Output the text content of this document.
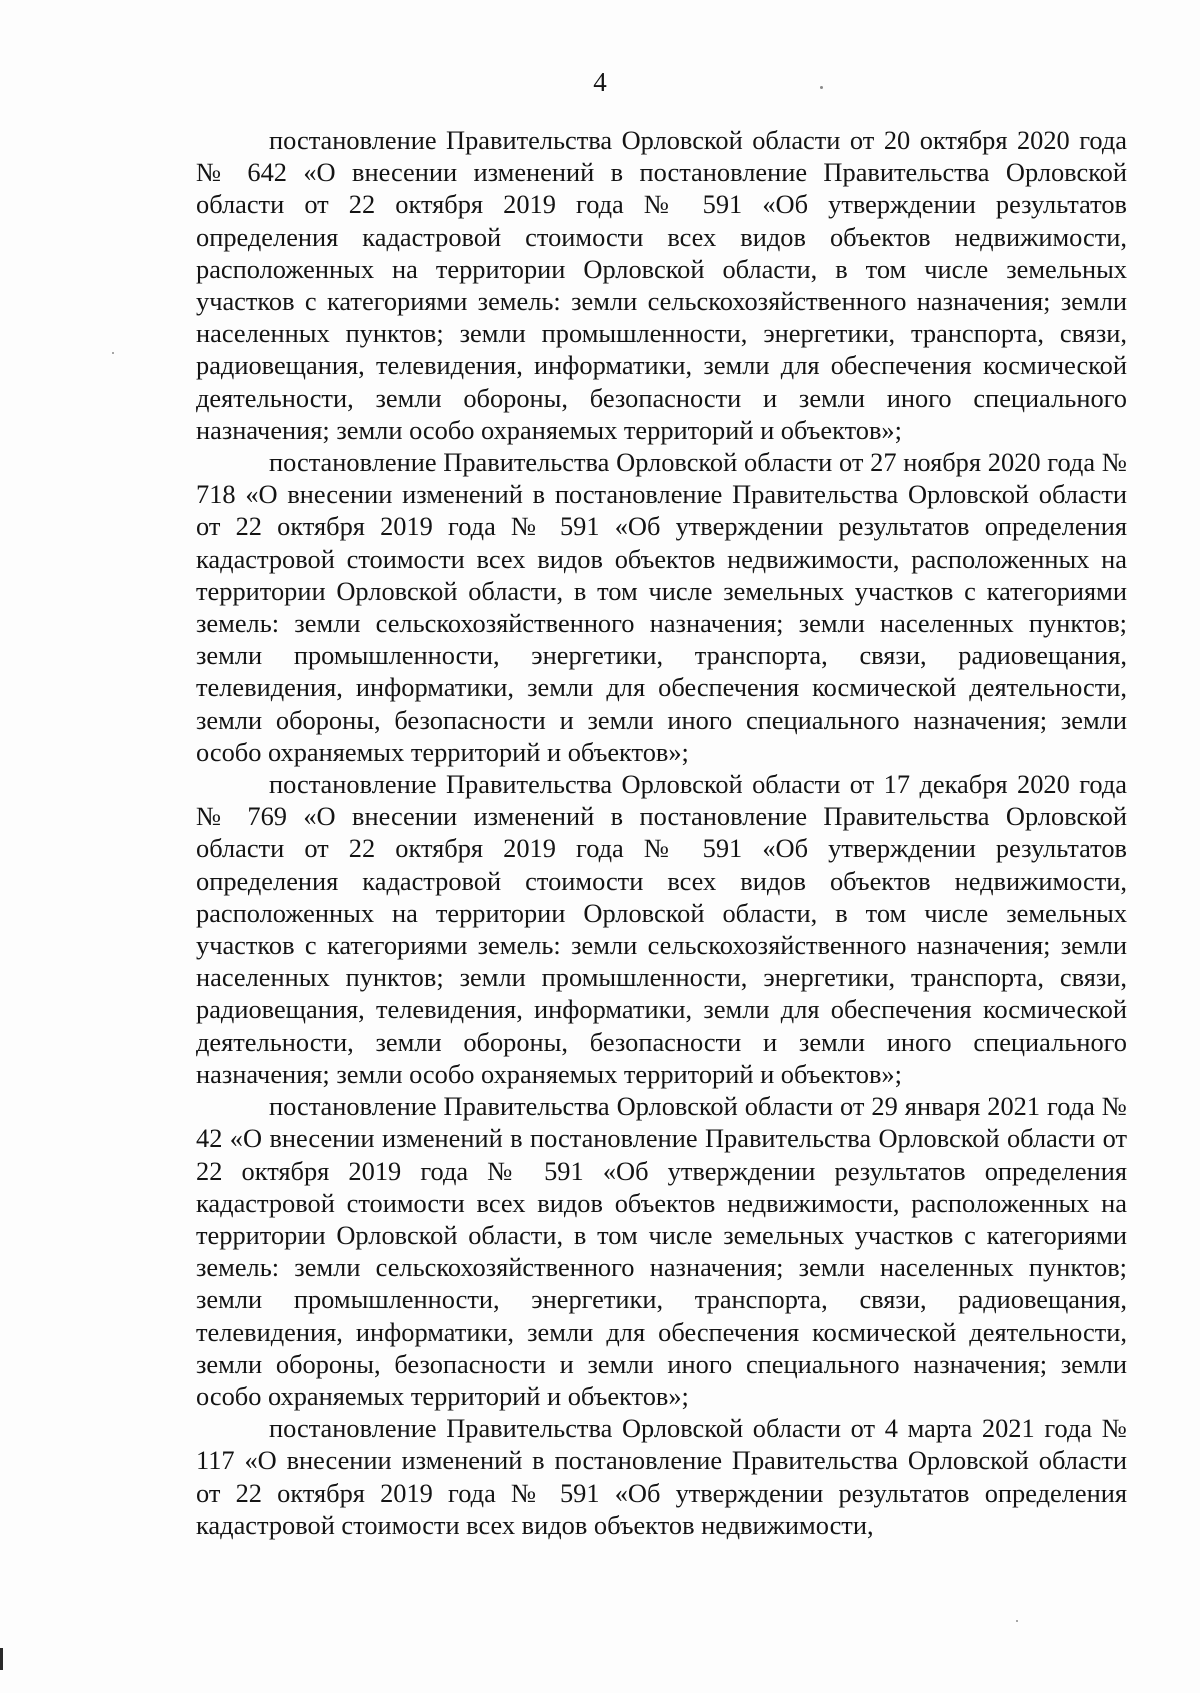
4

постановление Правительства Орловской области от 20 октября 2020 года № 642 «О внесении изменений в постановление Правительства Орловской области от 22 октября 2019 года № 591 «Об утверждении результатов определения кадастровой стоимости всех видов объектов недвижимости, расположенных на территории Орловской области, в том числе земельных участков с категориями земель: земли сельскохозяйственного назначения; земли населенных пунктов; земли промышленности, энергетики, транспорта, связи, радиовещания, телевидения, информатики, земли для обеспечения космической деятельности, земли обороны, безопасности и земли иного специального назначения; земли особо охраняемых территорий и объектов»;

постановление Правительства Орловской области от 27 ноября 2020 года № 718 «О внесении изменений в постановление Правительства Орловской области от 22 октября 2019 года № 591 «Об утверждении результатов определения кадастровой стоимости всех видов объектов недвижимости, расположенных на территории Орловской области, в том числе земельных участков с категориями земель: земли сельскохозяйственного назначения; земли населенных пунктов; земли промышленности, энергетики, транспорта, связи, радиовещания, телевидения, информатики, земли для обеспечения космической деятельности, земли обороны, безопасности и земли иного специального назначения; земли особо охраняемых территорий и объектов»;

постановление Правительства Орловской области от 17 декабря 2020 года № 769 «О внесении изменений в постановление Правительства Орловской области от 22 октября 2019 года № 591 «Об утверждении результатов определения кадастровой стоимости всех видов объектов недвижимости, расположенных на территории Орловской области, в том числе земельных участков с категориями земель: земли сельскохозяйственного назначения; земли населенных пунктов; земли промышленности, энергетики, транспорта, связи, радиовещания, телевидения, информатики, земли для обеспечения космической деятельности, земли обороны, безопасности и земли иного специального назначения; земли особо охраняемых территорий и объектов»;

постановление Правительства Орловской области от 29 января 2021 года № 42 «О внесении изменений в постановление Правительства Орловской области от 22 октября 2019 года № 591 «Об утверждении результатов определения кадастровой стоимости всех видов объектов недвижимости, расположенных на территории Орловской области, в том числе земельных участков с категориями земель: земли сельскохозяйственного назначения; земли населенных пунктов; земли промышленности, энергетики, транспорта, связи, радиовещания, телевидения, информатики, земли для обеспечения космической деятельности, земли обороны, безопасности и земли иного специального назначения; земли особо охраняемых территорий и объектов»;

постановление Правительства Орловской области от 4 марта 2021 года № 117 «О внесении изменений в постановление Правительства Орловской области от 22 октября 2019 года № 591 «Об утверждении результатов определения кадастровой стоимости всех видов объектов недвижимости,
